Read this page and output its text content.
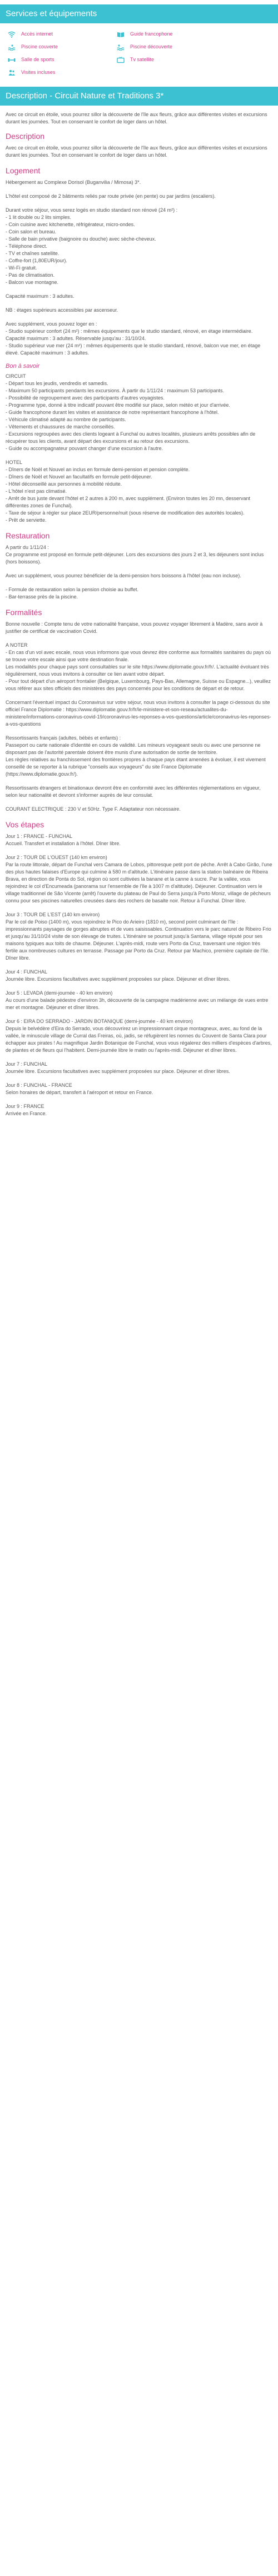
Services et équipements
Accès internet	Guide francophone
Piscine couverte	Piscine découverte
Salle de sports	Tv satellite
Visites incluses
Description - Circuit Nature et Traditions 3*

Avec ce circuit en étoile, vous pourrez sillor la découverte de l'île aux fleurs, grâce aux différentes visites et excursions durant les journées. Tout en conservant le confort de loger dans un hôtel.

Description

Avec ce circuit en étoile, vous pourrez sillor la découverte de l'île aux fleurs, grâce aux différentes visites et excursions durant les journées. Tout en conservant le confort de loger dans un hôtel.

Logement
Hébergement au Complexe Dorisol (Buganvilia / Mimosa) 3*.
L'hôtel est composé de 2 bâtiments reliés par route privée (en pente) ou par jardins (escaliers).
Durant votre séjour, vous serez logés en studio standard non rénové (24 m²) :
- 1 lit double ou 2 lits simples.
- Coin cuisine avec kitchenette, réfrigérateur, micro-ondes.
- Coin salon et bureau.
- Salle de bain privative (baignoire ou douche) avec sèche-cheveux.
- Téléphone direct.
- TV et chaînes satellite.
- Coffre-fort (1,80EUR/jour).
- Wi-Fi gratuit.
- Pas de climatisation.
- Balcon vue montagne.
Capacité maximum : 3 adultes.
NB : étages supérieurs accessibles par ascenseur.
Avec supplément, vous pouvez loger en :
- Studio supérieur confort (24 m²) : mêmes équipements que le studio standard, rénové, en étage intermédiaire. Capacité maximum : 3 adultes. Réservable jusqu'au : 31/10/24.
- Studio supérieur vue mer (24 m²) : mêmes équipements que le studio standard, rénové, balcon vue mer, en étage élevé. Capacité maximum : 3 adultes.
Bon à savoir
CIRCUIT
- Départ tous les jeudis, vendredis et samedis.
- Maximum 50 participants pendants les excursions. À partir du 1/11/24 : maximum 53 participants.
- Possibilité de regroupement avec des participants d'autres voyagistes.
- Programme type, donné à titre indicatif pouvant être modifié sur place, selon météo et jour d'arrivée.
- Guide francophone durant les visites et assistance de notre représentant francophone à l'hôtel.
- Véhicule climatisé adapté au nombre de participants.
- Vêtements et chaussures de marche conseillés.
- Excursions regroupées avec des clients logeant à Funchal ou autres localités, plusieurs arrêts possibles afin de récupérer tous les clients, avant départ des excursions et au retour des excursions.
- Guide ou accompagnateur pouvant changer d'une excursion à l'autre.
HOTEL
- Dîners de Noël et Nouvel an inclus en formule demi-pension et pension complète.
- Dîners de Noël et Nouvel an facultatifs en formule petit-déjeuner.
- Hôtel déconseillé aux personnes à mobilité réduite.
- L'hôtel n'est pas climatisé.
- Arrêt de bus juste devant l'hôtel et 2 autres à 200 m, avec supplément. (Environ toutes les 20 mn, desservant différentes zones de Funchal).
- Taxe de séjour à régler sur place 2EUR/personne/nuit (sous réserve de modification des autorités locales).
- Prêt de serviette.
Restauration
A partir du 1/11/24 :
Ce programme est proposé en formule petit-déjeuner. Lors des excursions des jours 2 et 3, les déjeuners sont inclus (hors boissons).
Avec un supplément, vous pourrez bénéficier de la demi-pension hors boissons à l'hôtel (eau non incluse).
- Formule de restauration selon la pension choisie au buffet.
- Bar-terrasse près de la piscine.
Formalités
Bonne nouvelle : Compte tenu de votre nationalité française, vous pouvez voyager librement à Madère, sans avoir à justifier de certificat de vaccination Covid.
A NOTER
- En cas d'un vol avec escale, nous vous informons que vous devrez être conforme aux formalités sanitaires du pays où se trouve votre escale ainsi que votre destination finale.
Les modalités pour chaque pays sont consultables sur le site https://www.diplomatie.gouv.fr/fr/. L'actualité évoluant très régulièrement, nous vous invitons à consulter ce lien avant votre départ.
- Pour tout départ d'un aéroport frontalier (Belgique, Luxembourg, Pays-Bas, Allemagne, Suisse ou Espagne...), veuillez vous référer aux sites officiels des ministères des pays concernés pour les conditions de départ et de retour.
Concernant l'éventuel impact du Coronavirus sur votre séjour, nous vous invitons à consulter la page ci-dessous du site officiel France Diplomatie : https://www.diplomatie.gouv.fr/fr/le-ministere-et-son-reseau/actualites-du-ministere/informations-coronavirus-covid-19/coronavirus-les-reponses-a-vos-questions/article/coronavirus-les-reponses-a-vos-questions
Ressortissants français (adultes, bébés et enfants) :
Passeport ou carte nationale d'identité en cours de validité. Les mineurs voyageant seuls ou avec une personne ne disposant pas de l'autorité parentale doivent être munis d'une autorisation de sortie de territoire.
Les règles relatives au franchissement des frontières propres à chaque pays étant amenées à évoluer, il est vivement conseillé de se reporter à la rubrique "conseils aux voyageurs" du site France Diplomatie (https://www.diplomatie.gouv.fr/).
Ressortissants étrangers et binationaux devront être en conformité avec les différentes réglementations en vigueur, selon leur nationalité et devront s'informer auprès de leur consulat.
COURANT ELECTRIQUE : 230 V et 50Hz. Type F. Adaptateur non nécessaire.
Vos étapes
Jour 1 : FRANCE - FUNCHAL
Accueil. Transfert et installation à l'hôtel. Dîner libre.
Jour 2 : TOUR DE L'OUEST (140 km environ)
Par la route littorale, départ de Funchal vers Camara de Lobos, pittoresque petit port de pêche. Arrêt à Cabo Girão, l'une des plus hautes falaises d'Europe qui culmine à 580 m d'altitude. L'itinéraire passe dans la station balnéaire de Ribeira Brava, en direction de Ponta do Sol, région où sont cultivées la banane et la canne à sucre. Par la vallée, vous rejoindrez le col d'Encumeada (panorama sur l'ensemble de l'île à 1007 m d'altitude). Déjeuner. Continuation vers le village traditionnel de São Vicente (arrêt) l'ouverte du plateau de Paul do Serra jusqu'à Porto Moniz, village de pêcheurs connu pour ses piscines naturelles creusées dans des rochers de basalte noir. Retour à Funchal. Dîner libre.
Jour 3 : TOUR DE L'EST (140 km environ)
Par le col de Poiso (1400 m), vous rejoindrez le Pico do Arieiro (1810 m), second point culminant de l'île : impressionnants paysages de gorges abruptes et de vues saisissables. Continuation vers le parc naturel de Ribeiro Frio et jusqu'au 31/10/24 visite de son élevage de truites. L'itinéraire se poursuit jusqu'à Santana, village réputé pour ses maisons typiques aux toits de chaume. Déjeuner. L'après-midi, route vers Porto da Cruz, traversant une région très fertile aux nombreuses cultures en terrasse. Passage par Porto da Cruz. Retour par Machico, première capitale de l'île. Dîner libre.
Jour 4 : FUNCHAL
Journée libre. Excursions facultatives avec supplément proposées sur place. Déjeuner et dîner libres.
Jour 5 : LEVADA (demi-journée - 40 km environ)
Au cours d'une balade pédestre d'environ 3h, découverte de la campagne madérienne avec un mélange de vues entre mer et montagne. Déjeuner et dîner libres.
Jour 6 : EIRA DO SERRADO - JARDIN BOTANIQUE (demi-journée - 40 km environ)
Depuis le belvédère d'Eira do Serrado, vous découvrirez un impressionnant cirque montagneux, avec, au fond de la vallée, le minuscule village de Curral das Freiras, où, jadis, se réfugièrent les nonnes du Couvent de Santa Clara pour échapper aux pirates ! Au magnifique Jardin Botanique de Funchal, vous vous régalerez des milliers d'espèces d'arbres, de plantes et de fleurs qui l'habitent. Demi-journée libre le matin ou l'après-midi. Déjeuner et dîner libres.
Jour 7 : FUNCHAL
Journée libre. Excursions facultatives avec supplément proposées sur place. Déjeuner et dîner libres.
Jour 8 : FUNCHAL - FRANCE
Selon horaires de départ, transfert à l'aéroport et retour en France.
Jour 9 : FRANCE
Arrivée en France.
